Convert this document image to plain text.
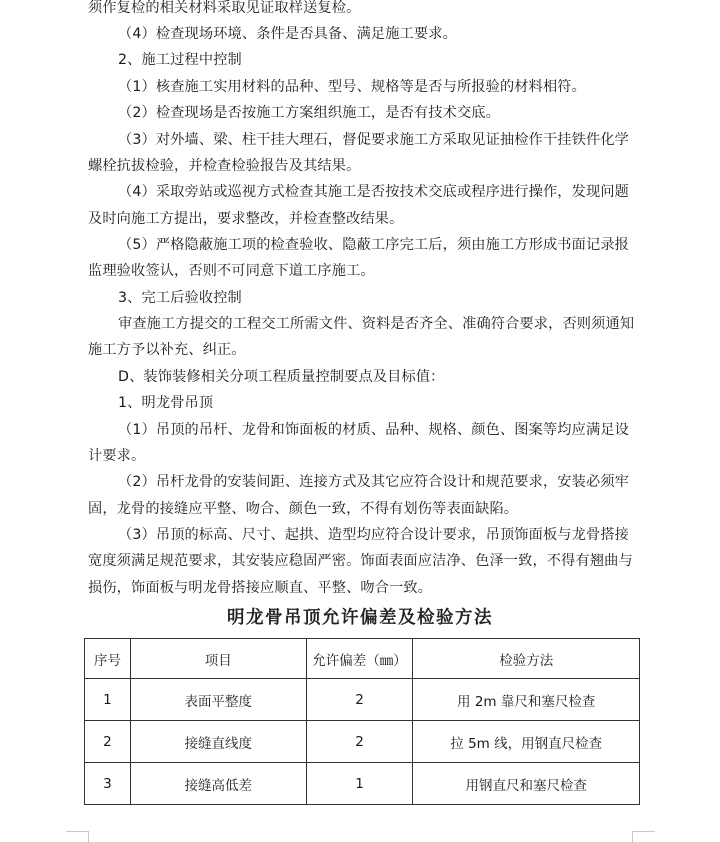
须作复检的相关材料采取见证取样送复检。
（4）检查现场环境、条件是否具备、满足施工要求。
2、施工过程中控制
（1）核查施工实用材料的品种、型号、规格等是否与所报验的材料相符。
（2）检查现场是否按施工方案组织施工，是否有技术交底。
（3）对外墙、梁、柱干挂大理石，督促要求施工方采取见证抽检作干挂铁件化学
螺栓抗拔检验，并检查检验报告及其结果。
（4）采取旁站或巡视方式检查其施工是否按技术交底或程序进行操作，发现问题
及时向施工方提出，要求整改，并检查整改结果。
（5）严格隐蔽施工项的检查验收、隐蔽工序完工后，须由施工方形成书面记录报
监理验收签认，否则不可同意下道工序施工。
3、完工后验收控制
审查施工方提交的工程交工所需文件、资料是否齐全、准确符合要求，否则须通知
施工方予以补充、纠正。
D、装饰装修相关分项工程质量控制要点及目标值：
1、明龙骨吊顶
（1）吊顶的吊杆、龙骨和饰面板的材质、品种、规格、颜色、图案等均应满足设
计要求。
（2）吊杆龙骨的安装间距、连接方式及其它应符合设计和规范要求，安装必须牢
固，龙骨的接缝应平整、吻合、颜色一致，不得有划伤等表面缺陷。
（3）吊顶的标高、尺寸、起拱、造型均应符合设计要求，吊顶饰面板与龙骨搭接
宽度须满足规范要求，其安装应稳固严密。饰面表面应洁净、色泽一致，不得有翘曲与
损伤，饰面板与明龙骨搭接应顺直、平整、吻合一致。
明龙骨吊顶允许偏差及检验方法
序号	项目	允许偏差（㎜）	检验方法
1	表面平整度	2	用 2m 靠尺和塞尺检查
2	接缝直线度	2	拉 5m 线，用钢直尺检查
3	接缝高低差	1	用钢直尺和塞尺检查
